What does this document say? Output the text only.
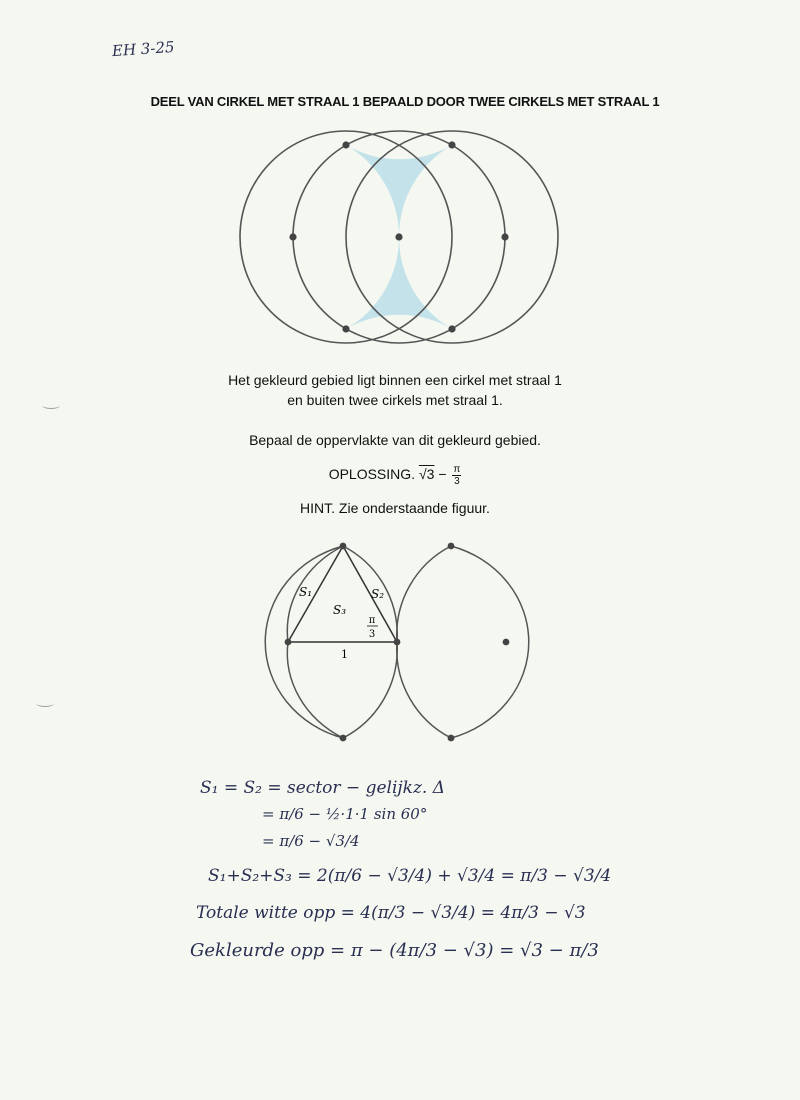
EH 3-25
DEEL VAN CIRKEL MET STRAAL 1 BEPAALD DOOR TWEE CIRKELS MET STRAAL 1
Het gekleurd gebied ligt binnen een cirkel met straal 1
en buiten twee cirkels met straal 1.
Bepaal de oppervlakte van dit gekleurd gebied.
OPLOSSING. $√3 - \frac{\pi}{3}$
HINT. Zie onderstaande figuur.
S₁	S₂
S₃
π
3
1
S₁ = S₂ = sector − gelijkz. Δ
= π/6 − ½·1·1 sin 60°
= π/6 − √3/4
S₁+S₂+S₃ = 2(π/6 − √3/4) + √3/4 = π/3 − √3/4
Totale witte opp = 4(π/3 − √3/4) = 4π/3 − √3
Gekleurde opp = π − (4π/3 − √3) = √3 − π/3
